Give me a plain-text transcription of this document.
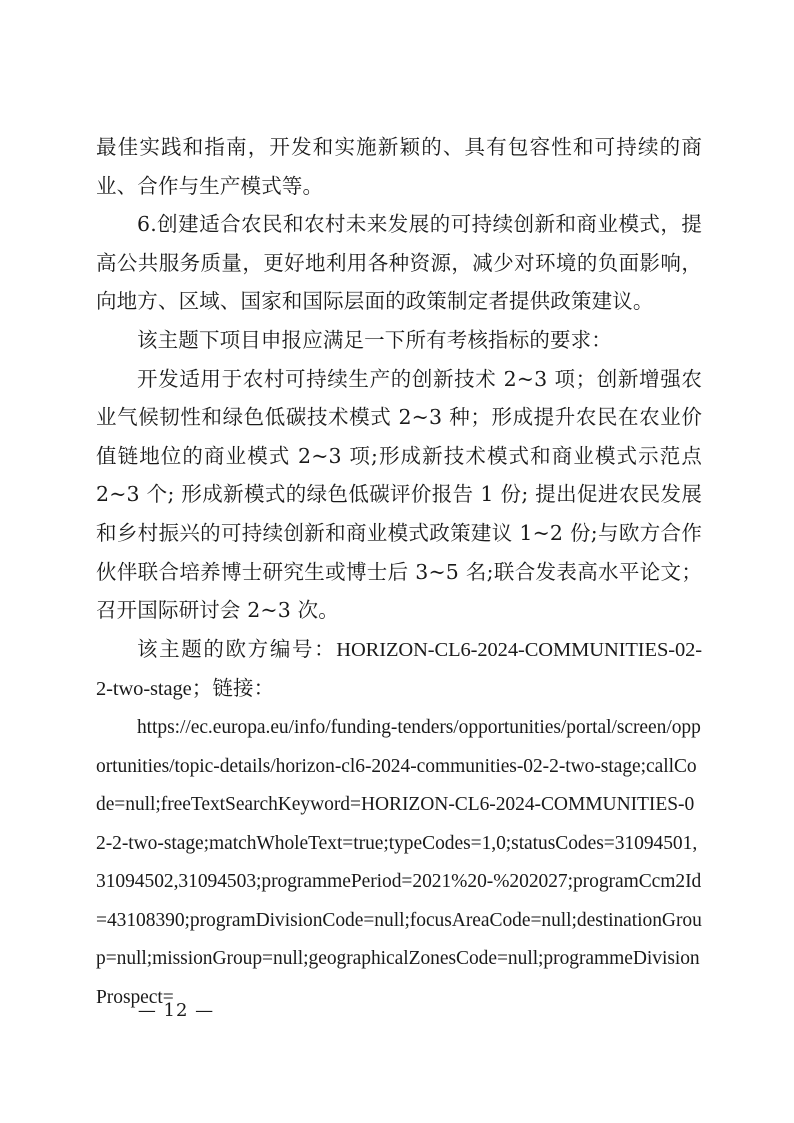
最佳实践和指南，开发和实施新颖的、具有包容性和可持续的商业、合作与生产模式等。

6.创建适合农民和农村未来发展的可持续创新和商业模式，提高公共服务质量，更好地利用各种资源，减少对环境的负面影响，向地方、区域、国家和国际层面的政策制定者提供政策建议。

该主题下项目申报应满足一下所有考核指标的要求：

开发适用于农村可持续生产的创新技术 2~3 项；创新增强农业气候韧性和绿色低碳技术模式 2~3 种；形成提升农民在农业价值链地位的商业模式 2~3 项;形成新技术模式和商业模式示范点 2~3 个; 形成新模式的绿色低碳评价报告 1 份; 提出促进农民发展和乡村振兴的可持续创新和商业模式政策建议 1~2 份;与欧方合作伙伴联合培养博士研究生或博士后 3~5 名;联合发表高水平论文；召开国际研讨会 2~3 次。

该主题的欧方编号：HORIZON-CL6-2024-COMMUNITIES-02-2-two-stage；链接：

https://ec.europa.eu/info/funding-tenders/opportunities/portal/screen/opportunities/topic-details/horizon-cl6-2024-communities-02-2-two-stage;callCode=null;freeTextSearchKeyword=HORIZON-CL6-2024-COMMUNITIES-02-2-two-stage;matchWholeText=true;typeCodes=1,0;statusCodes=31094501,31094502,31094503;programmePeriod=2021%20-%202027;programCcm2Id=43108390;programDivisionCode=null;focusAreaCode=null;destinationGroup=null;missionGroup=null;geographicalZonesCode=null;programmeDivisionProspect=

— 12 —
